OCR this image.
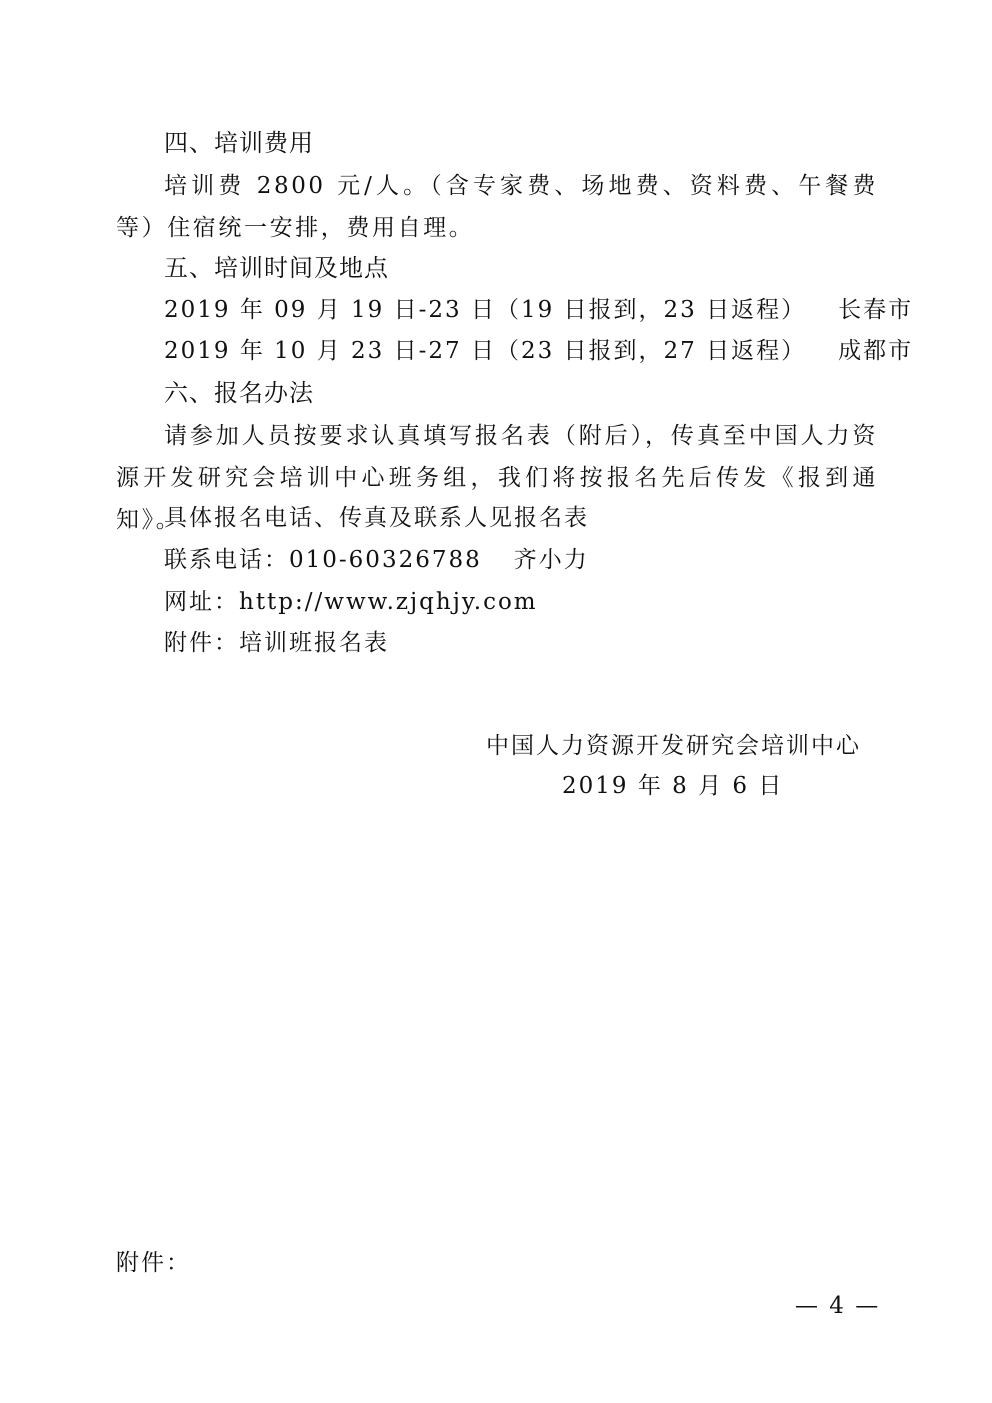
四、培训费用
培训费 2800 元/人。（含专家费、场地费、资料费、午餐费等）住宿统一安排，费用自理。
五、培训时间及地点
2019 年 09 月 19 日-23 日（19 日报到，23 日返程） 长春市
2019 年 10 月 23 日-27 日（23 日报到，27 日返程） 成都市
六、报名办法
请参加人员按要求认真填写报名表（附后），传真至中国人力资源开发研究会培训中心班务组，我们将按报名先后传发《报到通知》。
具体报名电话、传真及联系人见报名表
联系电话：010-60326788 齐小力
网址：http://www.zjqhjy.com
附件：培训班报名表
中国人力资源开发研究会培训中心
2019 年 8 月 6 日
附件：
— 4 —
